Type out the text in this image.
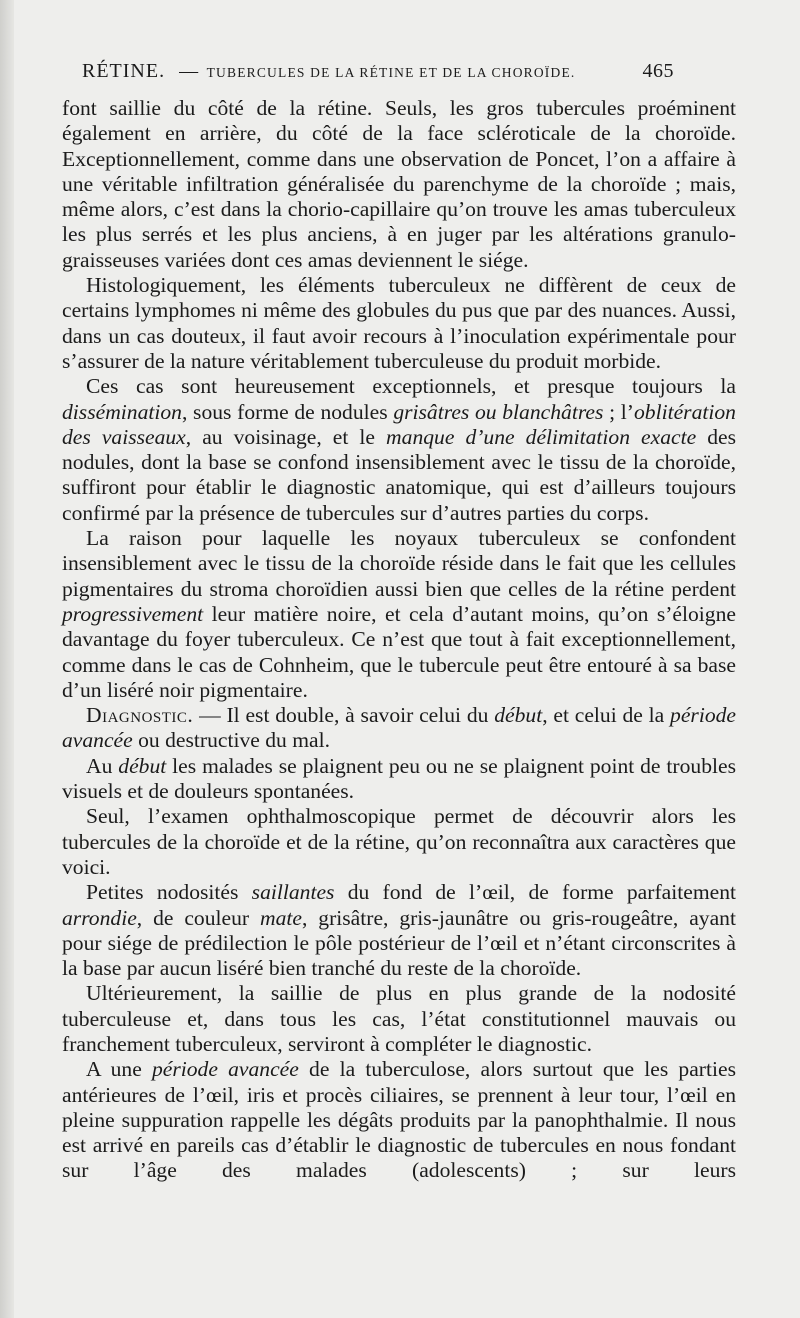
RÉTINE. — TUBERCULES DE LA RÉTINE ET DE LA CHOROÏDE.	465

font saillie du côté de la rétine. Seuls, les gros tubercules proéminent également en arrière, du côté de la face scléroticale de la choroïde. Exceptionnellement, comme dans une observation de Poncet, l’on a affaire à une véritable infiltration généralisée du parenchyme de la choroïde ; mais, même alors, c’est dans la chorio-capillaire qu’on trouve les amas tuberculeux les plus serrés et les plus anciens, à en juger par les altérations granulo-graisseuses variées dont ces amas deviennent le siége.

Histologiquement, les éléments tuberculeux ne diffèrent de ceux de certains lymphomes ni même des globules du pus que par des nuances. Aussi, dans un cas douteux, il faut avoir recours à l’inoculation expérimentale pour s’assurer de la nature véritablement tuberculeuse du produit morbide.

Ces cas sont heureusement exceptionnels, et presque toujours la dissémination, sous forme de nodules grisâtres ou blanchâtres ; l’oblitération des vaisseaux, au voisinage, et le manque d’une délimitation exacte des nodules, dont la base se confond insensiblement avec le tissu de la choroïde, suffiront pour établir le diagnostic anatomique, qui est d’ailleurs toujours confirmé par la présence de tubercules sur d’autres parties du corps.

La raison pour laquelle les noyaux tuberculeux se confondent insensiblement avec le tissu de la choroïde réside dans le fait que les cellules pigmentaires du stroma choroïdien aussi bien que celles de la rétine perdent progressivement leur matière noire, et cela d’autant moins, qu’on s’éloigne davantage du foyer tuberculeux. Ce n’est que tout à fait exceptionnellement, comme dans le cas de Cohnheim, que le tubercule peut être entouré à sa base d’un liséré noir pigmentaire.

Diagnostic. — Il est double, à savoir celui du début, et celui de la période avancée ou destructive du mal.

Au début les malades se plaignent peu ou ne se plaignent point de troubles visuels et de douleurs spontanées.

Seul, l’examen ophthalmoscopique permet de découvrir alors les tubercules de la choroïde et de la rétine, qu’on reconnaîtra aux caractères que voici.

Petites nodosités saillantes du fond de l’œil, de forme parfaitement arrondie, de couleur mate, grisâtre, gris-jaunâtre ou gris-rougeâtre, ayant pour siége de prédilection le pôle postérieur de l’œil et n’étant circonscrites à la base par aucun liséré bien tranché du reste de la choroïde.

Ultérieurement, la saillie de plus en plus grande de la nodosité tuberculeuse et, dans tous les cas, l’état constitutionnel mauvais ou franchement tuberculeux, serviront à compléter le diagnostic.

A une période avancée de la tuberculose, alors surtout que les parties antérieures de l’œil, iris et procès ciliaires, se prennent à leur tour, l’œil en pleine suppuration rappelle les dégâts produits par la panophthalmie. Il nous est arrivé en pareils cas d’établir le diagnostic de tubercules en nous fondant sur l’âge des malades (adolescents) ; sur leurs
